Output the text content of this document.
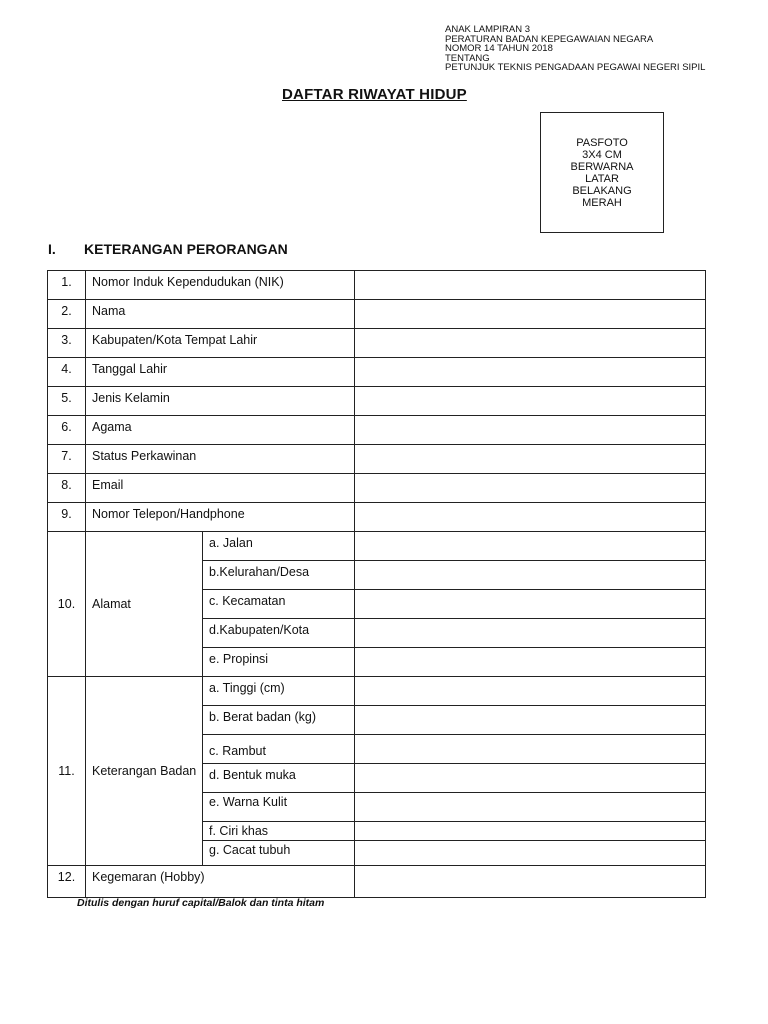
ANAK LAMPIRAN 3
PERATURAN BADAN KEPEGAWAIAN NEGARA
NOMOR 14 TAHUN 2018
TENTANG
PETUNJUK TEKNIS PENGADAAN PEGAWAI NEGERI SIPIL
DAFTAR RIWAYAT HIDUP
PASFOTO
3X4 CM
BERWARNA
LATAR
BELAKANG
MERAH
I.	KETERANGAN PERORANGAN
1.	Nomor Induk Kependudukan (NIK)		

2.	Nama		

3.	Kabupaten/Kota Tempat Lahir		

4.	Tanggal Lahir		

5.	Jenis Kelamin		

6.	Agama		

7.	Status Perkawinan		

8.	Email		

9.	Nomor Telepon/Handphone		

10.	Alamat	a. Jalan	

		b.Kelurahan/Desa	

		c. Kecamatan	

		d.Kabupaten/Kota	

		e. Propinsi	

11.	Keterangan Badan	a. Tinggi (cm)	

		b. Berat badan (kg)	

		c. Rambut	

		d. Bentuk muka	

		e. Warna Kulit	

		f. Ciri khas	

		g. Cacat tubuh	

12.	Kegemaran (Hobby)		

Ditulis dengan huruf capital/Balok dan tinta hitam
